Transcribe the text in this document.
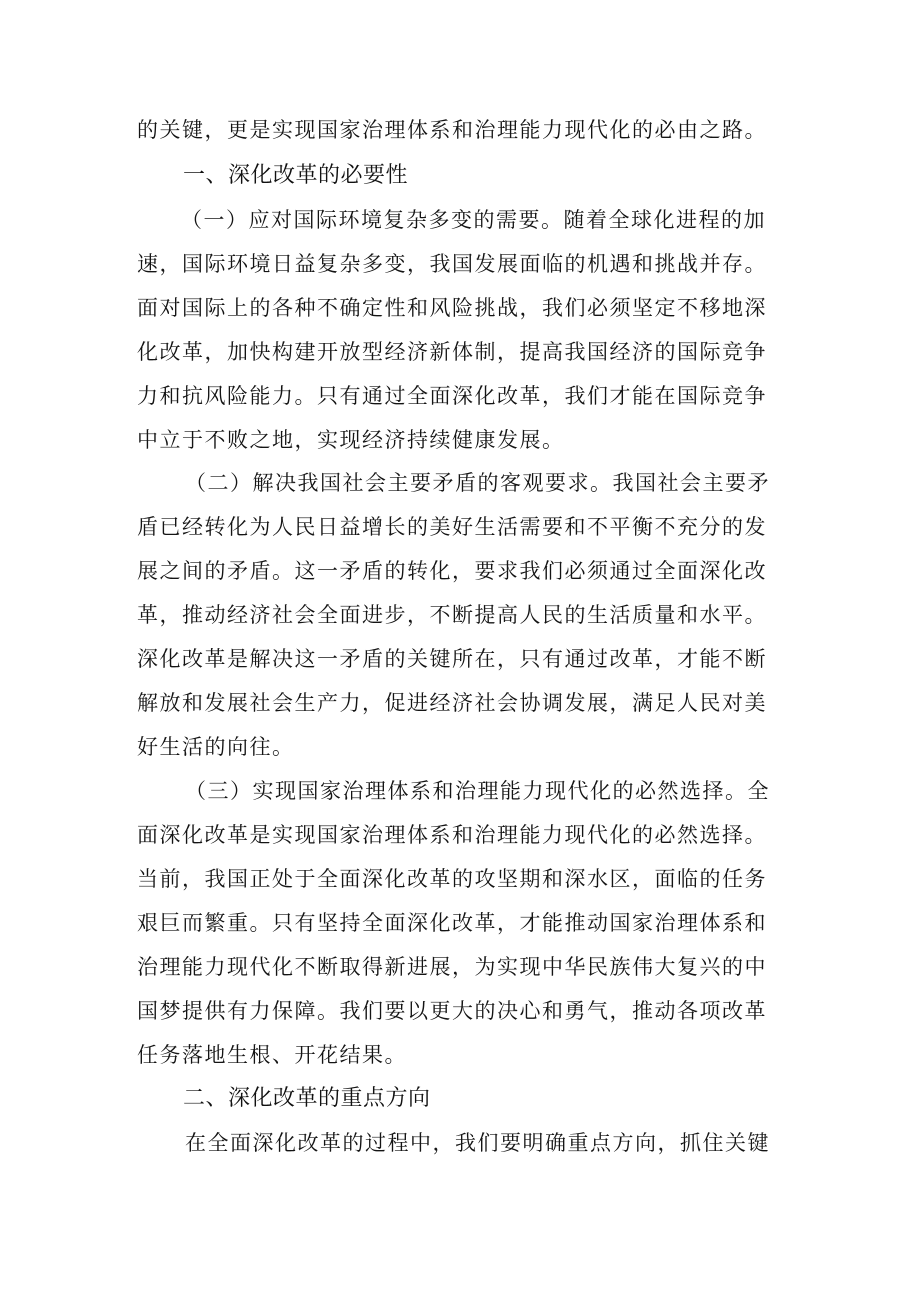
的关键，更是实现国家治理体系和治理能力现代化的必由之路。
一、深化改革的必要性
（一）应对国际环境复杂多变的需要。随着全球化进程的加
速，国际环境日益复杂多变，我国发展面临的机遇和挑战并存。
面对国际上的各种不确定性和风险挑战，我们必须坚定不移地深
化改革，加快构建开放型经济新体制，提高我国经济的国际竞争
力和抗风险能力。只有通过全面深化改革，我们才能在国际竞争
中立于不败之地，实现经济持续健康发展。
（二）解决我国社会主要矛盾的客观要求。我国社会主要矛
盾已经转化为人民日益增长的美好生活需要和不平衡不充分的发
展之间的矛盾。这一矛盾的转化，要求我们必须通过全面深化改
革，推动经济社会全面进步，不断提高人民的生活质量和水平。
深化改革是解决这一矛盾的关键所在，只有通过改革，才能不断
解放和发展社会生产力，促进经济社会协调发展，满足人民对美
好生活的向往。
（三）实现国家治理体系和治理能力现代化的必然选择。全
面深化改革是实现国家治理体系和治理能力现代化的必然选择。
当前，我国正处于全面深化改革的攻坚期和深水区，面临的任务
艰巨而繁重。只有坚持全面深化改革，才能推动国家治理体系和
治理能力现代化不断取得新进展，为实现中华民族伟大复兴的中
国梦提供有力保障。我们要以更大的决心和勇气，推动各项改革
任务落地生根、开花结果。
二、深化改革的重点方向
在全面深化改革的过程中，我们要明确重点方向，抓住关键
